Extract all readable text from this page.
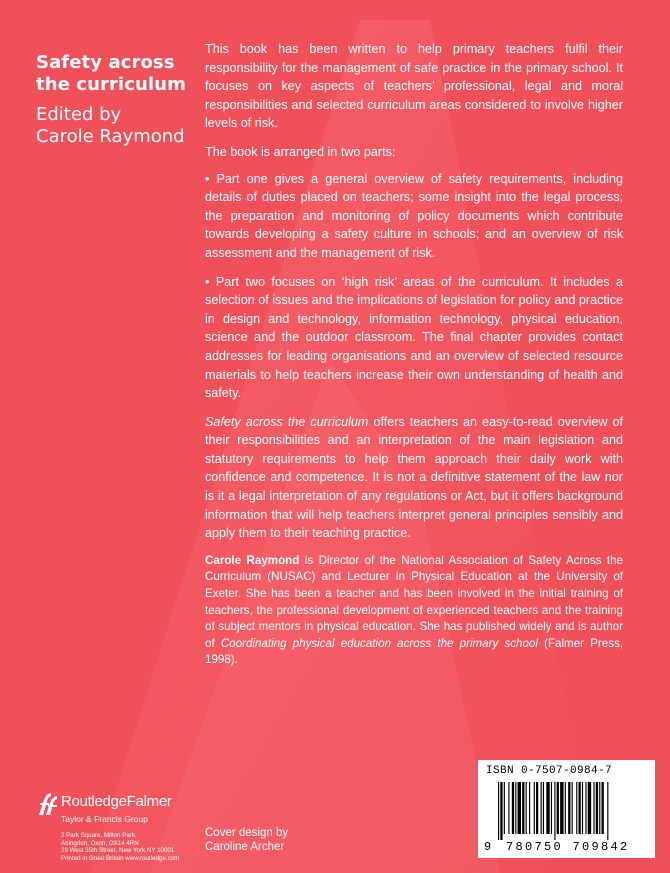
Safety across
the curriculum
Edited by
Carole Raymond

This book has been written to help primary teachers fulfil their responsibility for the management of safe practice in the primary school. It focuses on key aspects of teachers’ professional, legal and moral responsibilities and selected curriculum areas considered to involve higher levels of risk.

The book is arranged in two parts:

• Part one gives a general overview of safety requirements, including details of duties placed on teachers; some insight into the legal process; the preparation and monitoring of policy documents which contribute towards developing a safety culture in schools; and an overview of risk assessment and the management of risk.

• Part two focuses on ‘high risk’ areas of the curriculum. It includes a selection of issues and the implications of legislation for policy and practice in design and technology, information technology, physical education, science and the outdoor classroom. The final chapter provides contact addresses for leading organisations and an overview of selected resource materials to help teachers increase their own understanding of health and safety.

Safety across the curriculum offers teachers an easy-to-read overview of their responsibilities and an interpretation of the main legislation and statutory requirements to help them approach their daily work with confidence and competence. It is not a definitive statement of the law nor is it a legal interpretation of any regulations or Act, but it offers background information that will help teachers interpret general principles sensibly and apply them to their teaching practice.

Carole Raymond is Director of the National Association of Safety Across the Curriculum (NUSAC) and Lecturer in Physical Education at the University of Exeter. She has been a teacher and has been involved in the initial training of teachers, the professional development of experienced teachers and the training of subject mentors in physical education. She has published widely and is author of Coordinating physical education across the primary school (Falmer Press, 1998).

RoutledgeFalmer
Taylor & Francis Group
2 Park Square, Milton Park,
Abingdon, Oxon, OX14 4RN
29 West 35th Street, New York NY 10001
Printed in Great Britain www.routledge.com
Cover design by
Caroline Archer
ISBN 0-7507-0984-7
9 780750 709842
